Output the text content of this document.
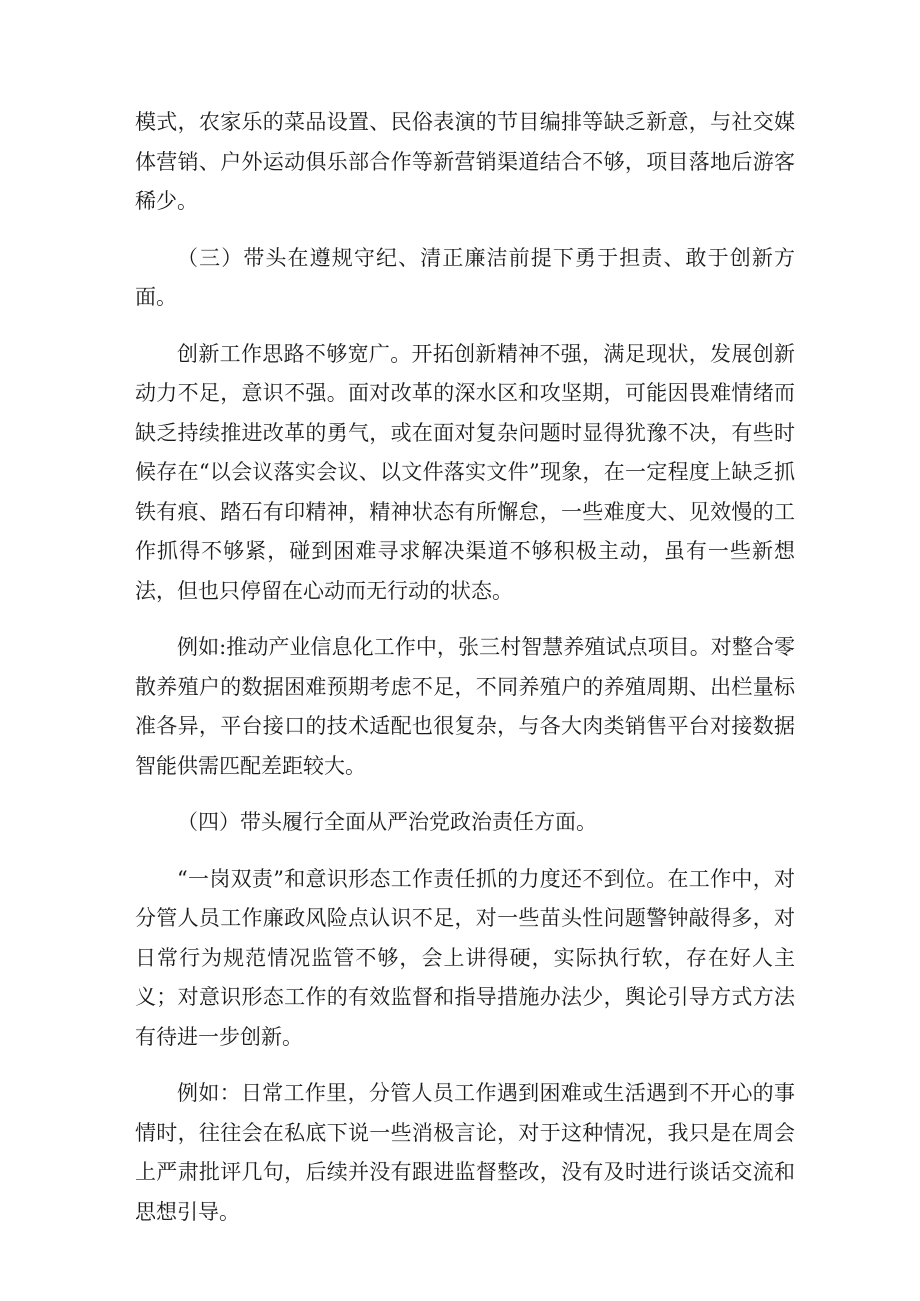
模式，农家乐的菜品设置、民俗表演的节目编排等缺乏新意，与社交媒体营销、户外运动俱乐部合作等新营销渠道结合不够，项目落地后游客稀少。

（三）带头在遵规守纪、清正廉洁前提下勇于担责、敢于创新方面。

创新工作思路不够宽广。开拓创新精神不强，满足现状，发展创新动力不足，意识不强。面对改革的深水区和攻坚期，可能因畏难情绪而缺乏持续推进改革的勇气，或在面对复杂问题时显得犹豫不决，有些时候存在“以会议落实会议、以文件落实文件”现象，在一定程度上缺乏抓铁有痕、踏石有印精神，精神状态有所懈怠，一些难度大、见效慢的工作抓得不够紧，碰到困难寻求解决渠道不够积极主动，虽有一些新想法，但也只停留在心动而无行动的状态。

例如:推动产业信息化工作中，张三村智慧养殖试点项目。对整合零散养殖户的数据困难预期考虑不足，不同养殖户的养殖周期、出栏量标准各异，平台接口的技术适配也很复杂，与各大肉类销售平台对接数据智能供需匹配差距较大。

（四）带头履行全面从严治党政治责任方面。

“一岗双责”和意识形态工作责任抓的力度还不到位。在工作中，对分管人员工作廉政风险点认识不足，对一些苗头性问题警钟敲得多，对日常行为规范情况监管不够，会上讲得硬，实际执行软，存在好人主义；对意识形态工作的有效监督和指导措施办法少，舆论引导方式方法有待进一步创新。

例如：日常工作里，分管人员工作遇到困难或生活遇到不开心的事情时，往往会在私底下说一些消极言论，对于这种情况，我只是在周会上严肃批评几句，后续并没有跟进监督整改，没有及时进行谈话交流和思想引导。
